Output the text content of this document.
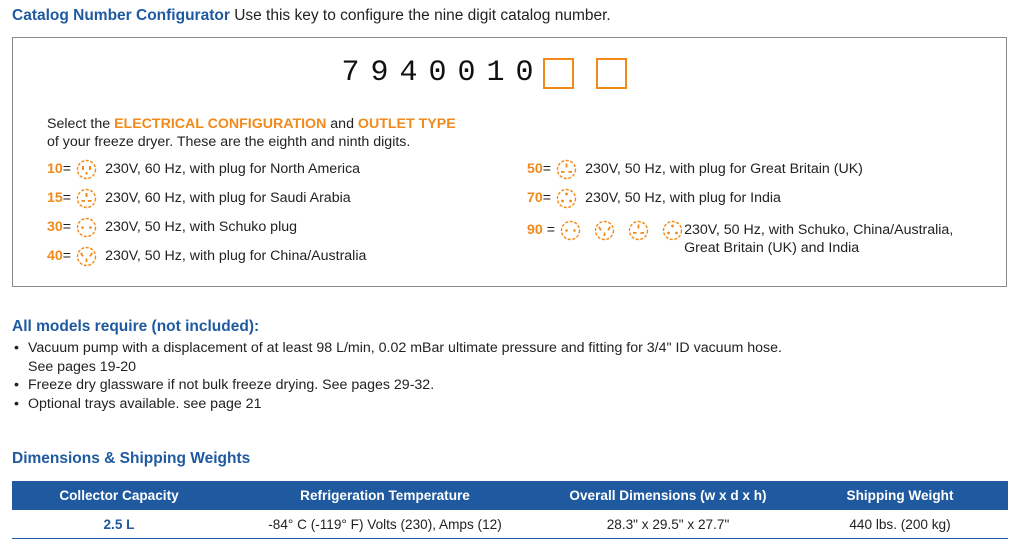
Catalog Number Configurator Use this key to configure the nine digit catalog number.
7 9 4 0 0 1 0
Select the ELECTRICAL CONFIGURATION and OUTLET TYPE
of your freeze dryer. These are the eighth and ninth digits.
10 = 230V, 60 Hz, with plug for North America
15 = 230V, 60 Hz, with plug for Saudi Arabia
30 = 230V, 50 Hz, with Schuko plug
40 = 230V, 50 Hz, with plug for China/Australia
50 = 230V, 50 Hz, with plug for Great Britain (UK)
70 = 230V, 50 Hz, with plug for India
90 =	230V, 50 Hz, with Schuko, China/Australia,
Great Britain (UK) and India
All models require (not included):
• Vacuum pump with a displacement of at least 98 L/min, 0.02 mBar ultimate pressure and fitting for 3/4" ID vacuum hose.
See pages 19-20
• Freeze dry glassware if not bulk freeze drying. See pages 29-32.
• Optional trays available. see page 21
Dimensions & Shipping Weights
Collector Capacity	Refrigeration Temperature	Overall Dimensions (w x d x h)	Shipping Weight
2.5 L	-84° C (-119° F) Volts (230), Amps (12)	28.3" x 29.5" x 27.7"	440 lbs. (200 kg)
